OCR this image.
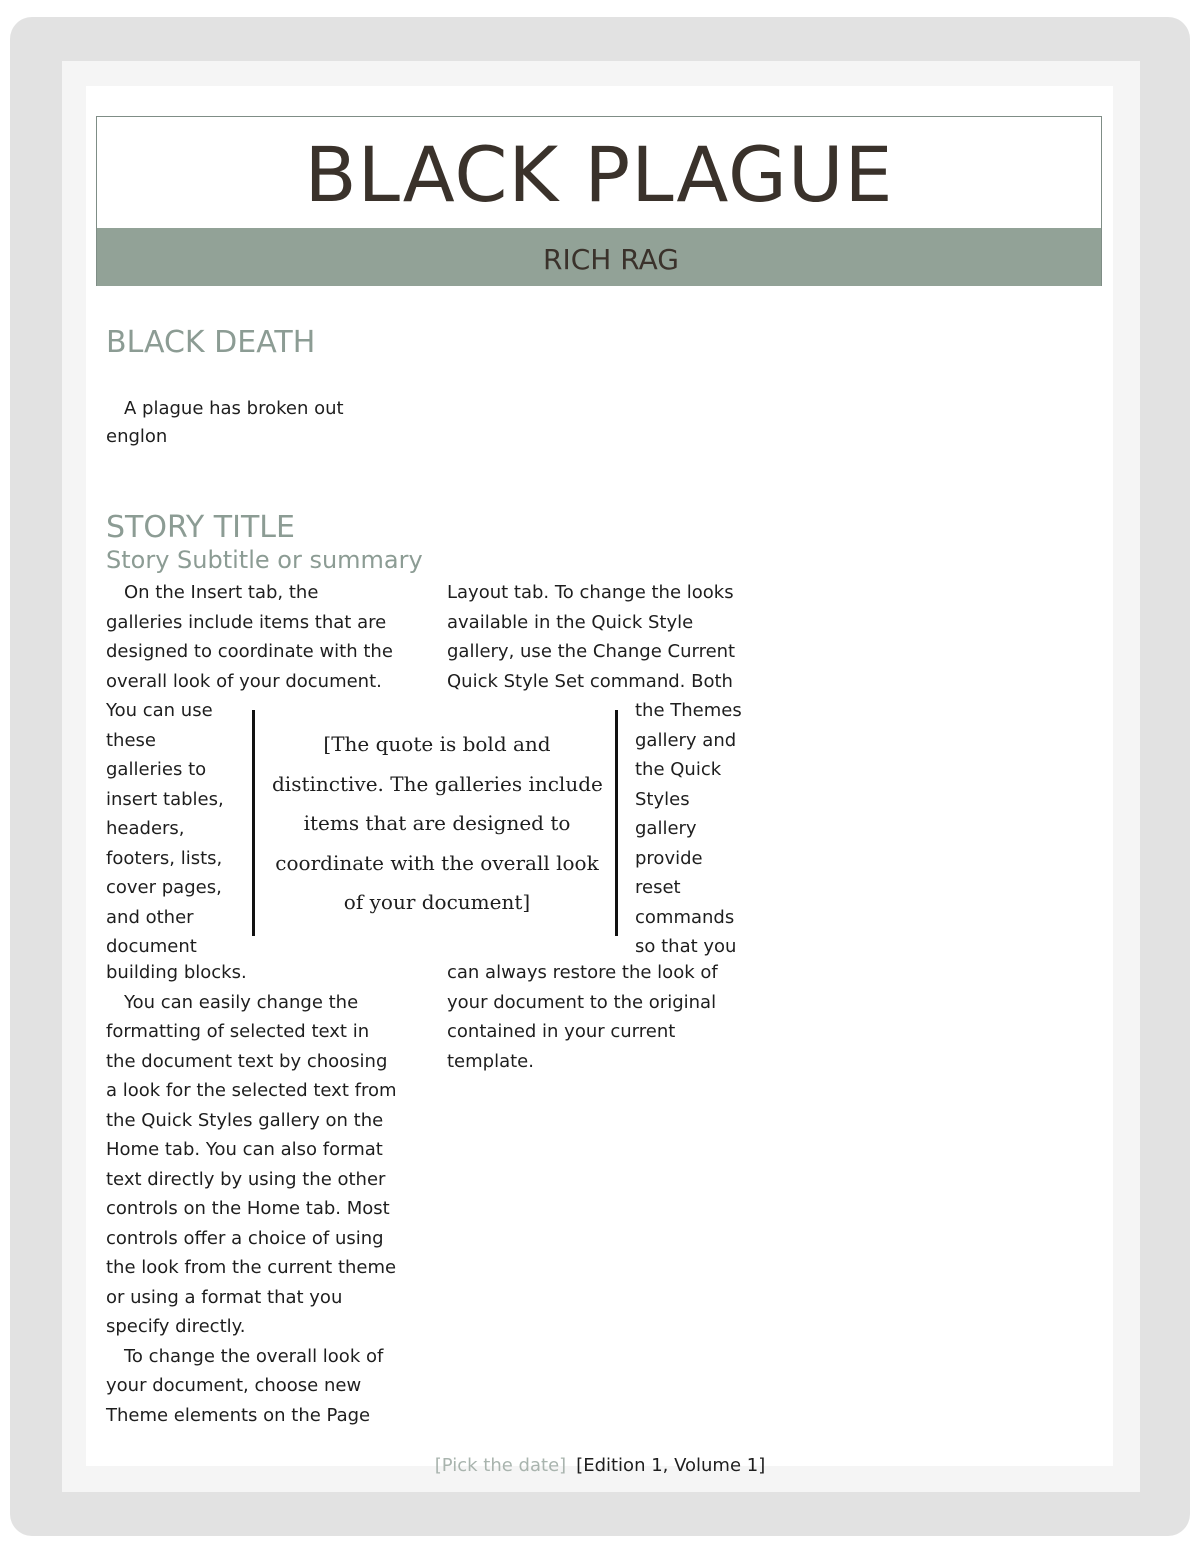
BLACK PLAGUE
RICH RAG
BLACK DEATH
 A plague has broken out
englon
STORY TITLE
Story Subtitle or summary
 On the Insert tab, the
galleries include items that are
designed to coordinate with the
overall look of your document.
You can use
these
galleries to
insert tables,
headers,
footers, lists,
cover pages,
and other
document
building blocks.
 You can easily change the
formatting of selected text in
the document text by choosing
a look for the selected text from
the Quick Styles gallery on the
Home tab. You can also format
text directly by using the other
controls on the Home tab. Most
controls offer a choice of using
the look from the current theme
or using a format that you
specify directly.
 To change the overall look of
your document, choose new
Theme elements on the Page
Layout tab. To change the looks
available in the Quick Style
gallery, use the Change Current
Quick Style Set command. Both
the Themes
gallery and
the Quick
Styles
gallery
provide
reset
commands
so that you
can always restore the look of
your document to the original
contained in your current
template.
[The quote is bold and
distinctive. The galleries include
items that are designed to
coordinate with the overall look
of your document]
[Pick the date] [Edition 1, Volume 1]
